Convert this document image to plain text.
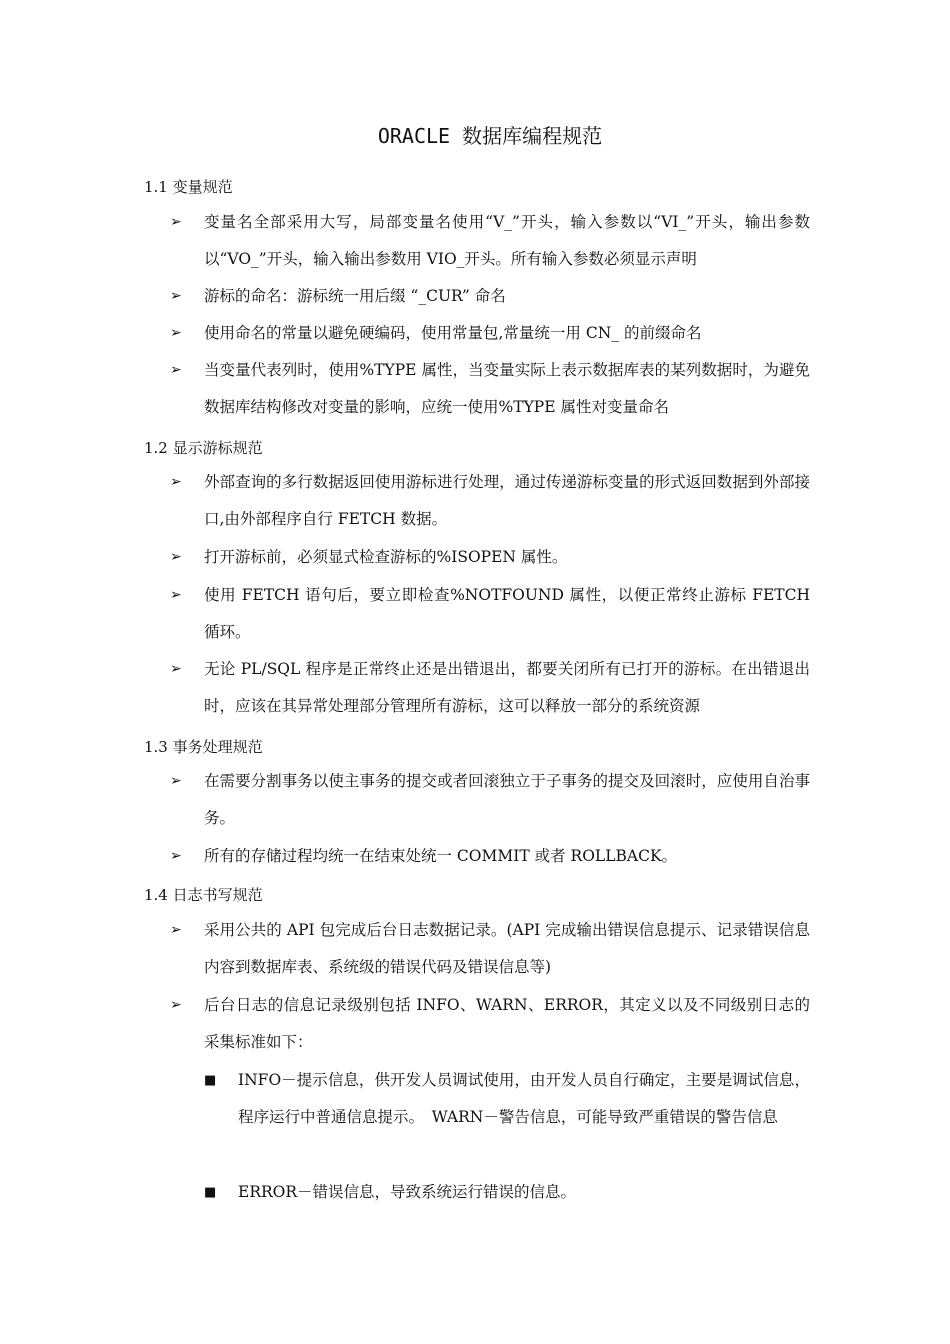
ORACLE 数据库编程规范
1.1 变量规范
➢	变量名全部采用大写，局部变量名使用“V_”开头，输入参数以“VI_”开头，输出参数以“VO_”开头，输入输出参数用 VIO_开头。所有输入参数必须显示声明
➢	游标的命名：游标统一用后缀 “_CUR” 命名
➢	使用命名的常量以避免硬编码，使用常量包,常量统一用 CN_ 的前缀命名
➢	当变量代表列时，使用%TYPE 属性，当变量实际上表示数据库表的某列数据时，为避免数据库结构修改对变量的影响，应统一使用%TYPE 属性对变量命名
1.2 显示游标规范
➢	外部查询的多行数据返回使用游标进行处理，通过传递游标变量的形式返回数据到外部接口,由外部程序自行 FETCH 数据。
➢	打开游标前，必须显式检查游标的%ISOPEN 属性。
➢	使用 FETCH 语句后，要立即检查%NOTFOUND 属性，以便正常终止游标 FETCH 循环。
➢	无论 PL/SQL 程序是正常终止还是出错退出，都要关闭所有已打开的游标。在出错退出时，应该在其异常处理部分管理所有游标，这可以释放一部分的系统资源
1.3 事务处理规范
➢	在需要分割事务以使主事务的提交或者回滚独立于子事务的提交及回滚时，应使用自治事务。
➢	所有的存储过程均统一在结束处统一 COMMIT 或者 ROLLBACK。
1.4 日志书写规范
➢	采用公共的 API 包完成后台日志数据记录。(API 完成输出错误信息提示、记录错误信息内容到数据库表、系统级的错误代码及错误信息等)
➢	后台日志的信息记录级别包括 INFO、WARN、ERROR，其定义以及不同级别日志的采集标准如下：
■ INFO－提示信息，供开发人员调试使用，由开发人员自行确定，主要是调试信息，程序运行中普通信息提示。　WARN－警告信息，可能导致严重错误的警告信息
■ ERROR－错误信息，导致系统运行错误的信息。
